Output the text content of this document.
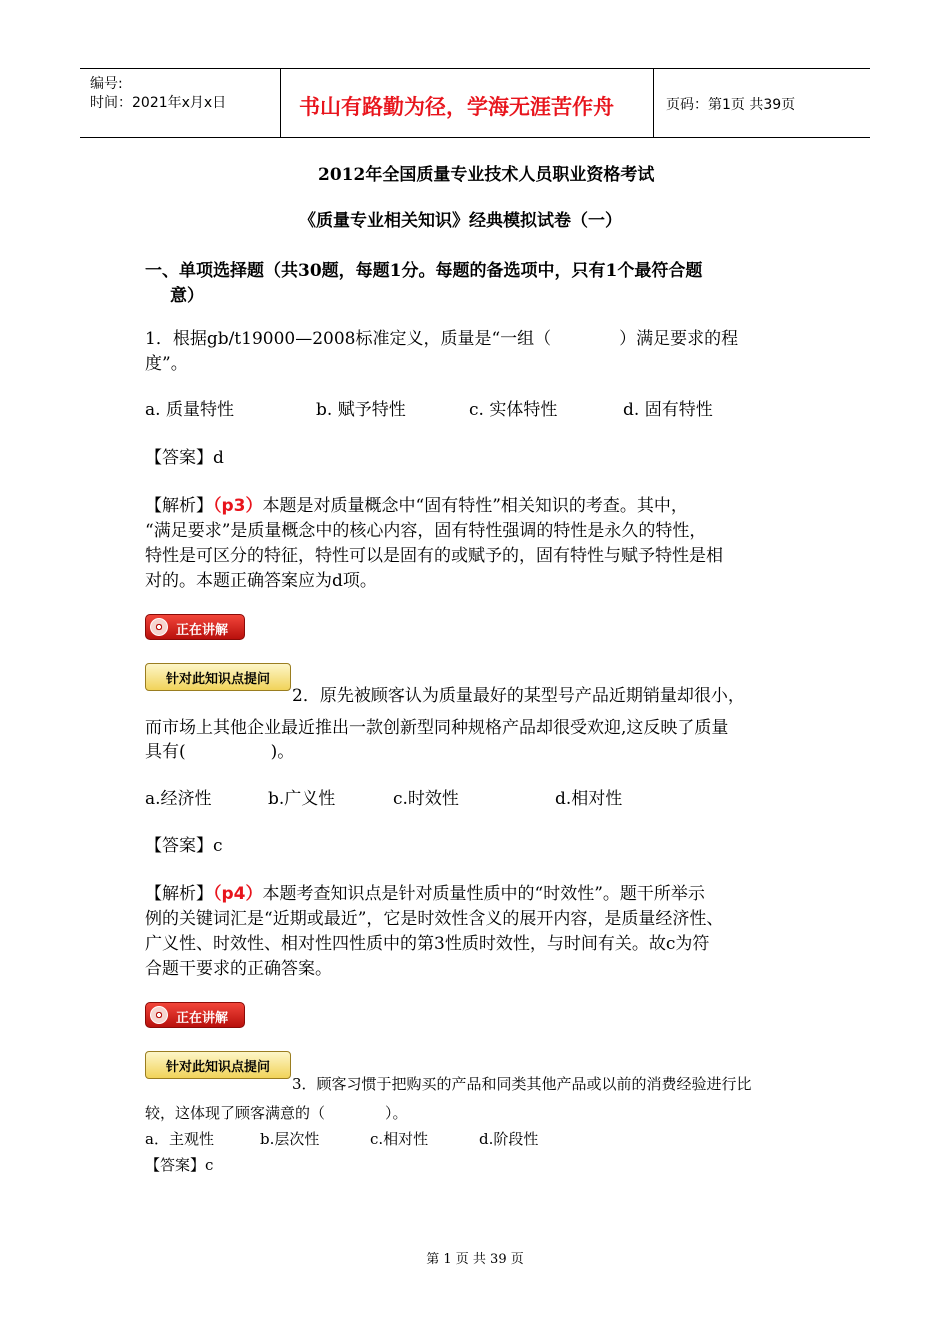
编号:
时间：2021年x月x日	书山有路勤为径，学海无涯苦作舟	页码：第1页 共39页
2012年全国质量专业技术人员职业资格考试
《质量专业相关知识》经典模拟试卷（一）
一、单项选择题（共30题，每题1分。每题的备选项中，只有1个最符合题
意）
1．根据gb/t19000—2008标准定义，质量是“一组（　　　　）满足要求的程
度”。
a. 质量特性	b. 赋予特性	c. 实体特性	d. 固有特性
【答案】d
【解析】（p3）本题是对质量概念中“固有特性”相关知识的考查。其中，
“满足要求”是质量概念中的核心内容，固有特性强调的特性是永久的特性，
特性是可区分的特征，特性可以是固有的或赋予的，固有特性与赋予特性是相
对的。本题正确答案应为d项。
正在讲解
针对此知识点提问
2．原先被顾客认为质量最好的某型号产品近期销量却很小，
而市场上其他企业最近推出一款创新型同种规格产品却很受欢迎,这反映了质量
具有(　　　　　)。
a.经济性	b.广义性	c.时效性	d.相对性
【答案】c
【解析】（p4）本题考查知识点是针对质量性质中的“时效性”。题干所举示
例的关键词汇是“近期或最近”，它是时效性含义的展开内容，是质量经济性、
广义性、时效性、相对性四性质中的第3性质时效性，与时间有关。故c为符
合题干要求的正确答案。
正在讲解
针对此知识点提问
3．顾客习惯于把购买的产品和同类其他产品或以前的消费经验进行比
较，这体现了顾客满意的（　　　　）。
a．主观性	b.层次性	c.相对性	d.阶段性
【答案】c
第 1 页 共 39 页
